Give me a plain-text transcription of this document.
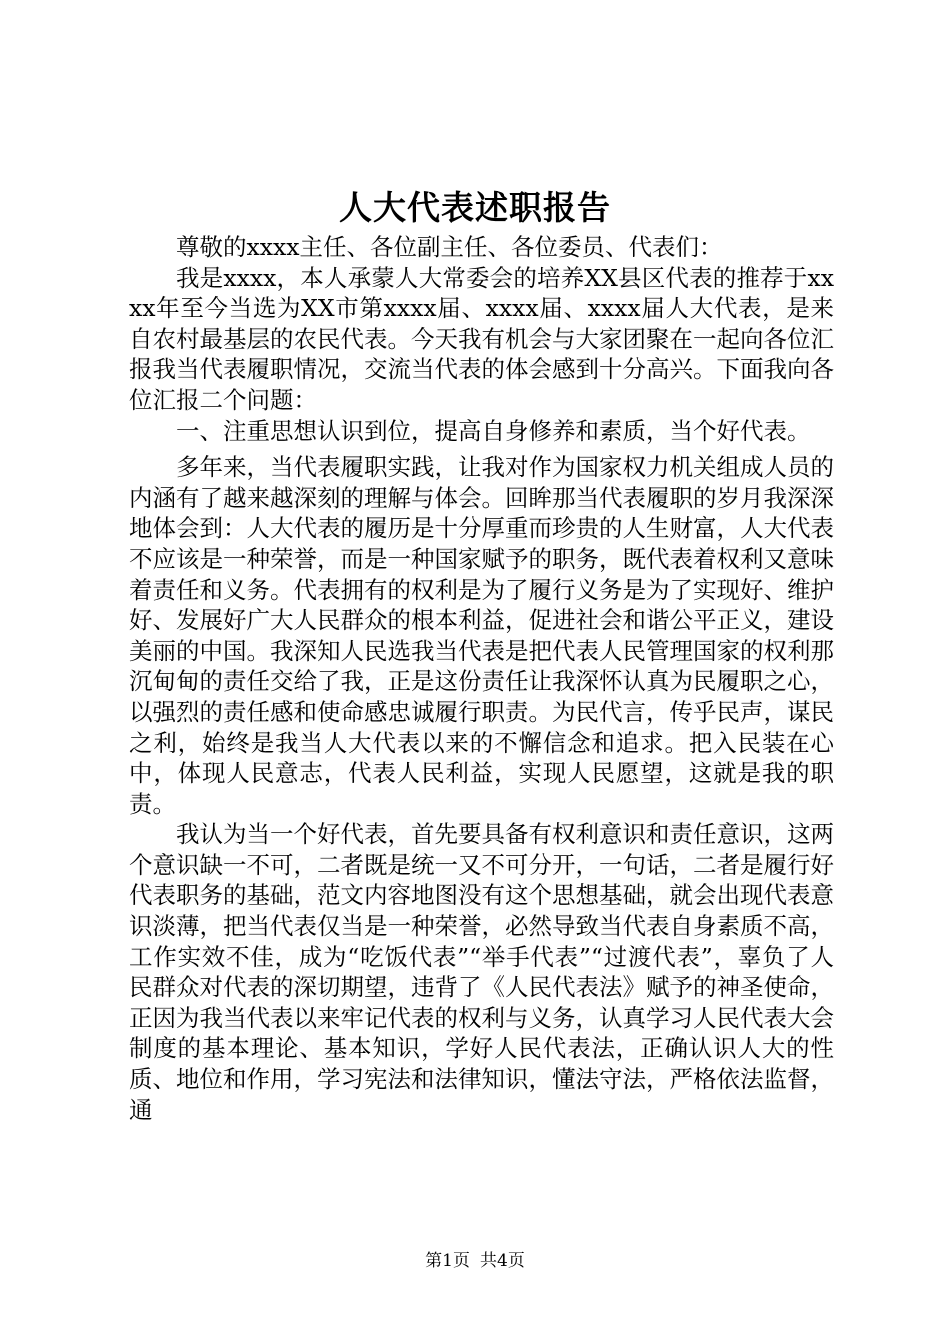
人大代表述职报告

尊敬的xxxx主任、各位副主任、各位委员、代表们：

我是xxxx，本人承蒙人大常委会的培养XX县区代表的推荐于xxxx年至今当选为XX市第xxxx届、xxxx届、xxxx届人大代表，是来自农村最基层的农民代表。今天我有机会与大家团聚在一起向各位汇报我当代表履职情况，交流当代表的体会感到十分高兴。下面我向各位汇报二个问题：

一、注重思想认识到位，提高自身修养和素质，当个好代表。

多年来，当代表履职实践，让我对作为国家权力机关组成人员的内涵有了越来越深刻的理解与体会。回眸那当代表履职的岁月我深深地体会到：人大代表的履历是十分厚重而珍贵的人生财富，人大代表不应该是一种荣誉，而是一种国家赋予的职务，既代表着权利又意味着责任和义务。代表拥有的权利是为了履行义务是为了实现好、维护好、发展好广大人民群众的根本利益，促进社会和谐公平正义，建设美丽的中国。我深知人民选我当代表是把代表人民管理国家的权利那沉甸甸的责任交给了我，正是这份责任让我深怀认真为民履职之心，以强烈的责任感和使命感忠诚履行职责。为民代言，传乎民声，谋民之利，始终是我当人大代表以来的不懈信念和追求。把入民装在心中，体现人民意志，代表人民利益，实现人民愿望，这就是我的职责。

我认为当一个好代表，首先要具备有权利意识和责任意识，这两个意识缺一不可，二者既是统一又不可分开，一句话，二者是履行好代表职务的基础，范文内容地图没有这个思想基础，就会出现代表意识淡薄，把当代表仅当是一种荣誉，必然导致当代表自身素质不高，工作实效不佳，成为“吃饭代表”“举手代表”“过渡代表”，辜负了人民群众对代表的深切期望，违背了《人民代表法》赋予的神圣使命，正因为我当代表以来牢记代表的权利与义务，认真学习人民代表大会制度的基本理论、基本知识，学好人民代表法，正确认识人大的性质、地位和作用，学习宪法和法律知识，懂法守法，严格依法监督，通

第1页 共4页
